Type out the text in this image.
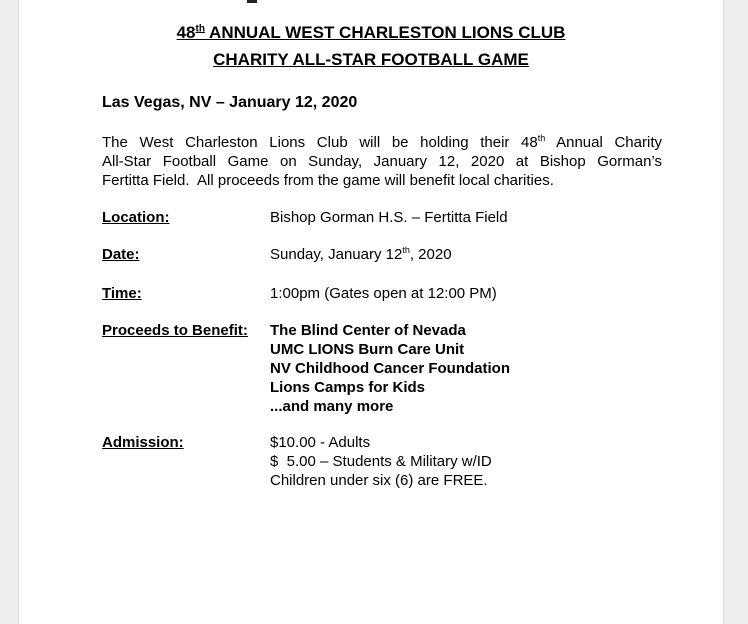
48th ANNUAL WEST CHARLESTON LIONS CLUB
CHARITY ALL-STAR FOOTBALL GAME
Las Vegas, NV – January 12, 2020
The West Charleston Lions Club will be holding their 48th Annual Charity
All-Star Football Game on Sunday, January 12, 2020 at Bishop Gorman’s
Fertitta Field.  All proceeds from the game will benefit local charities.
Location:	Bishop Gorman H.S. – Fertitta Field
Date:	Sunday, January 12th, 2020
Time:	1:00pm (Gates open at 12:00 PM)
Proceeds to Benefit: The Blind Center of Nevada
UMC LIONS Burn Care Unit
NV Childhood Cancer Foundation
Lions Camps for Kids
...and many more
Admission:	$10.00 - Adults
$  5.00 – Students & Military w/ID
Children under six (6) are FREE.
